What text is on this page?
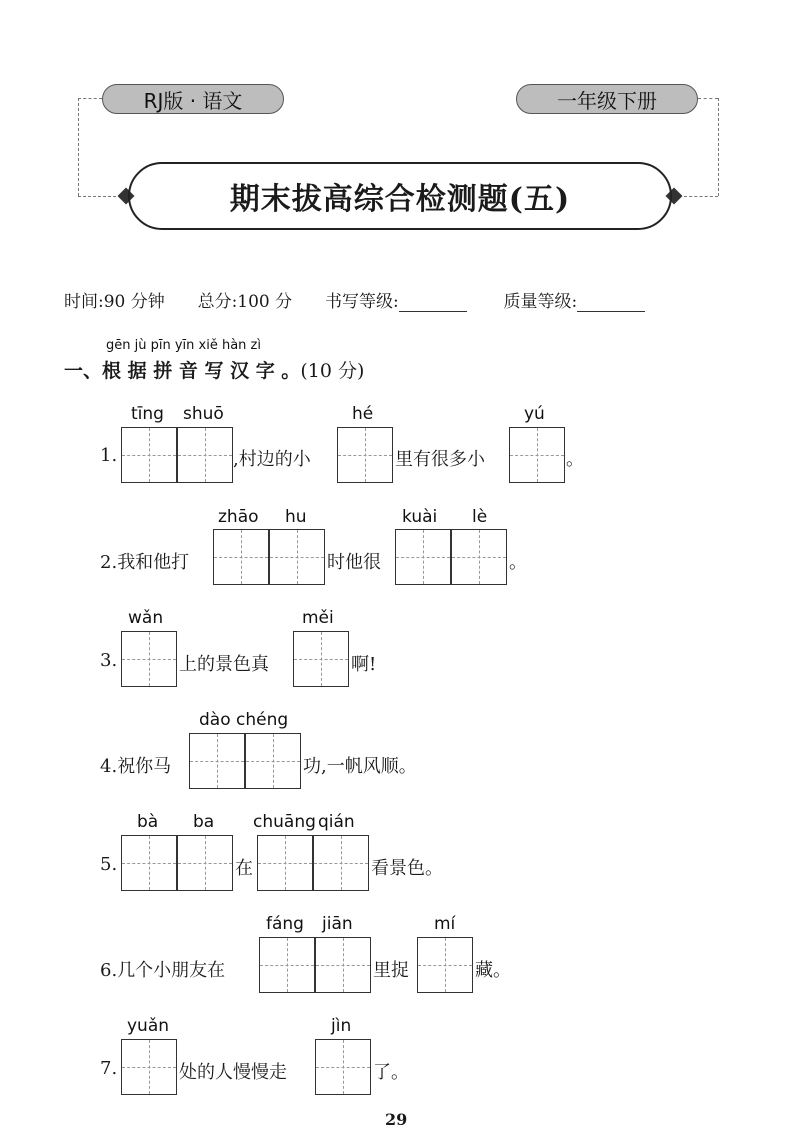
RJ版 · 语文	一年级下册
期末拔高综合检测题(五)
时间:90 分钟 总分:100 分 书写等级:	质量等级:
gēn jù pīn yīn xiě hàn zì
一、根 据 拼 音 写 汉 字 。(10 分)
tīng shuō	hé	yú
1.	,村边的小	里有很多小	。
zhāo hu	kuài lè
2.我和他打	时他很	。
wǎn	měi
3.	上的景色真	啊!
dào chéng
4.祝你马	功,一帆风顺。
bà ba chuāng qián
5.	在	看景色。
fáng jiān	mí
6.几个小朋友在	里捉	藏。
yuǎn	jìn
7.	处的人慢慢走	了。
29
